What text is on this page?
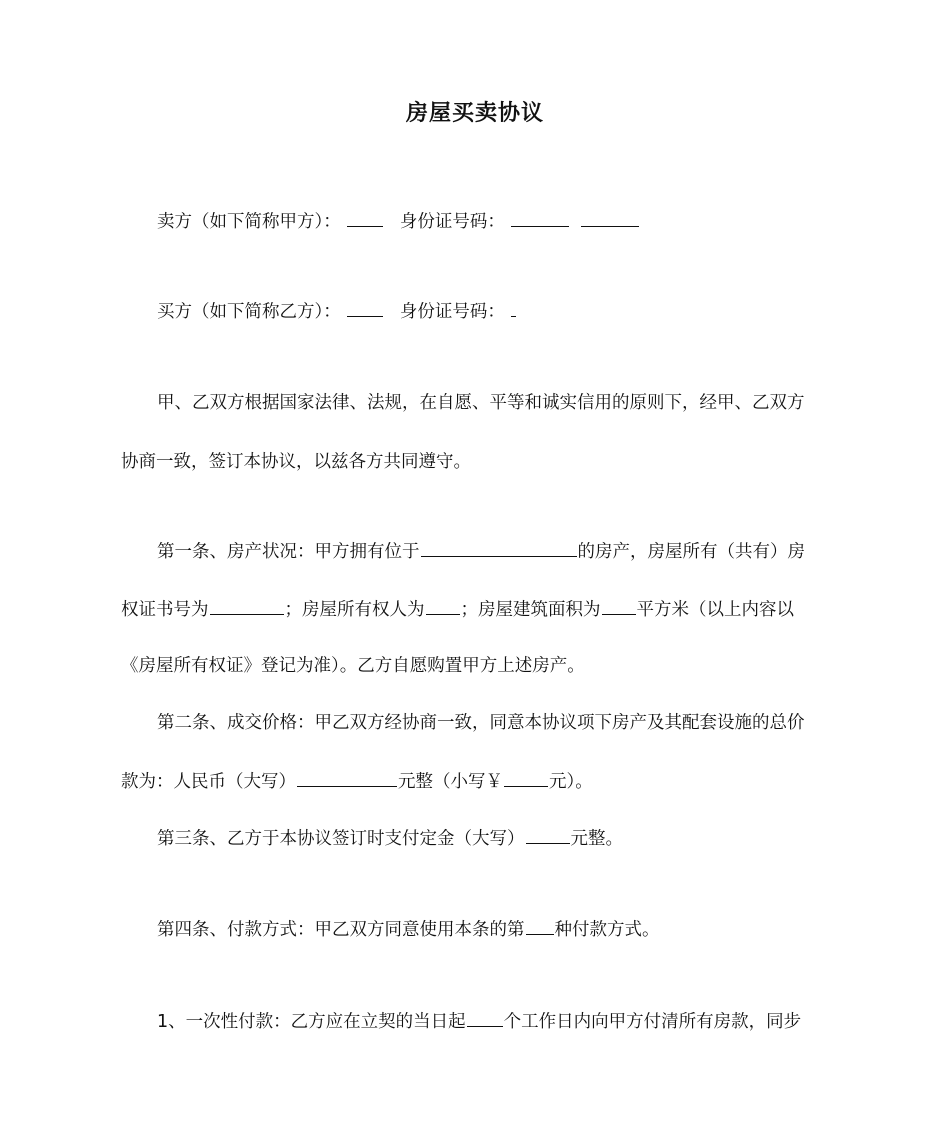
房屋买卖协议
卖方（如下简称甲方）：	身份证号码：
买方（如下简称乙方）：	身份证号码：
甲、乙双方根据国家法律、法规，在自愿、平等和诚实信用的原则下，经甲、乙双方
协商一致，签订本协议，以兹各方共同遵守。
第一条、房产状况：甲方拥有位于	的房产，房屋所有（共有）房
权证书号为	；房屋所有权人为 ；房屋建筑面积为 平方米（以上内容以
《房屋所有权证》登记为准）。乙方自愿购置甲方上述房产。
第二条、成交价格：甲乙双方经协商一致，同意本协议项下房产及其配套设施的总价
款为：人民币（大写）	元整（小写￥	元）。
第三条、乙方于本协议签订时支付定金（大写）	元整。
第四条、付款方式：甲乙双方同意使用本条的第 种付款方式。
1、一次性付款：乙方应在立契的当日起 个工作日内向甲方付清所有房款，同步
